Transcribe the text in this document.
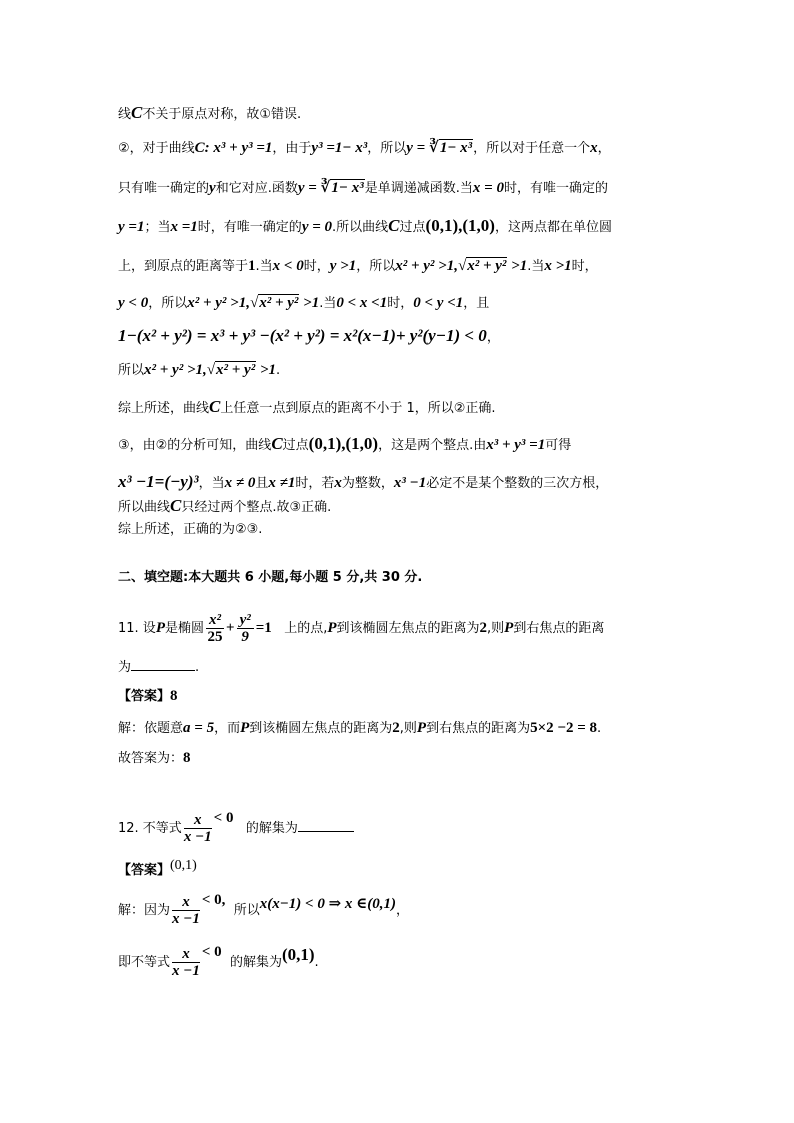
线C不关于原点对称，故①错误.
②，对于曲线C: x³ + y³ =1，由于y³ =1− x³，所以y = ∛1− x³，所以对于任意一个x，
只有唯一确定的y和它对应.函数y = ∛1− x³是单调递减函数.当x = 0时，有唯一确定的
y =1；当x =1时，有唯一确定的y = 0.所以曲线C过点(0,1),(1,0)，这两点都在单位圆
上，到原点的距离等于1.当x < 0时，y >1，所以x² + y² >1,√x² + y² >1.当x >1时，
y < 0，所以x² + y² >1,√x² + y² >1.当0 < x <1时，0 < y <1，且
1−(x² + y²) = x³ + y³ −(x² + y²) = x²(x−1)+ y²(y−1) < 0，
所以x² + y² >1,√x² + y² >1.
综上所述，曲线C上任意一点到原点的距离不小于 1，所以②正确.
③，由②的分析可知，曲线C过点(0,1),(1,0)，这是两个整点.由x³ + y³ =1可得
x³ −1=(−y)³，当x ≠ 0且x ≠1时，若x为整数，x³ −1必定不是某个整数的三次方根，
所以曲线C只经过两个整点.故③正确.
综上所述，正确的为②③.
二、填空题:本大题共 6 小题,每小题 5 分,共 30 分.
11. 设P是椭圆 $\frac{\text{x²}}{25} + \frac{\text{y²}}{9} =1$ 上的点,P到该椭圆左焦点的距离为2,则P到右焦点的距离
为	.
【答案】8
解：依题意a = 5，而P到该椭圆左焦点的距离为2,则P到右焦点的距离为5×2 −2 = 8.
故答案为：8
12. 不等式 $\frac{x}{x -1} < 0$   的解集为
【答案】(0,1)
解：因为 $\frac{x}{x -1} < 0$,  所以x(x−1) < 0 ⇒ x ∈(0,1)，
即不等式 $\frac{x}{x -1} < 0$  的解集为(0,1).
